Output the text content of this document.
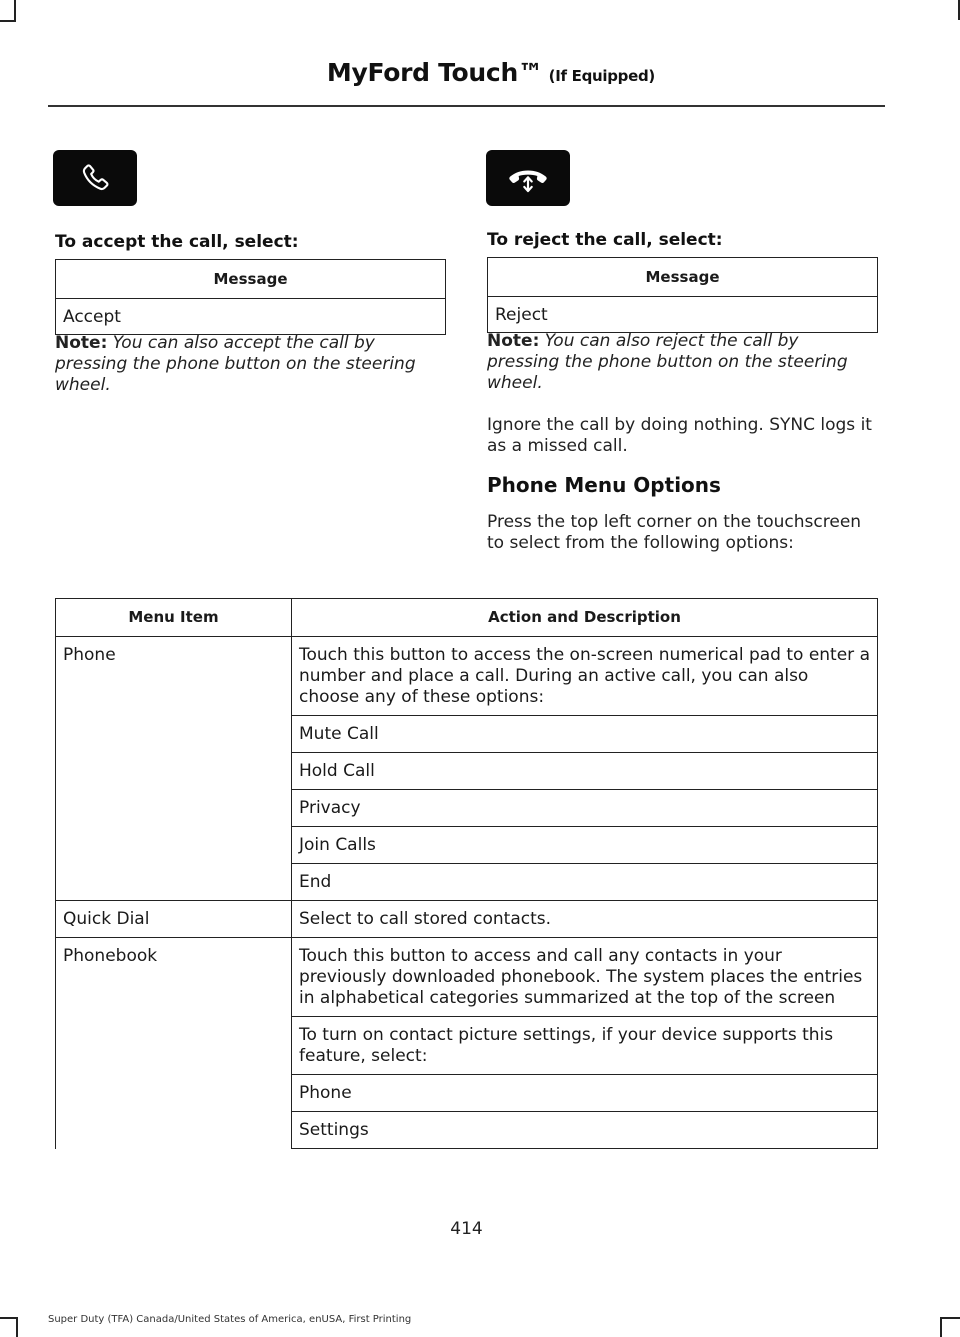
MyFord Touch™ (If Equipped)
To accept the call, select:
Message
Accept
Note: You can also accept the call by pressing the phone button on the steering wheel.
To reject the call, select:
Message
Reject
Note: You can also reject the call by pressing the phone button on the steering wheel.
Ignore the call by doing nothing. SYNC logs it as a missed call.
Phone Menu Options
Press the top left corner on the touchscreen to select from the following options:
Menu Item	Action and Description
Phone	Touch this button to access the on-screen numerical pad to enter a number and place a call. During an active call, you can also choose any of these options:
	Mute Call
	Hold Call
	Privacy
	Join Calls
	End
Quick Dial	Select to call stored contacts.
Phonebook	Touch this button to access and call any contacts in your previously downloaded phonebook. The system places the entries in alphabetical categories summarized at the top of the screen
	To turn on contact picture settings, if your device supports this feature, select:
	Phone
	Settings
414
Super Duty (TFA) Canada/United States of America, enUSA, First Printing
